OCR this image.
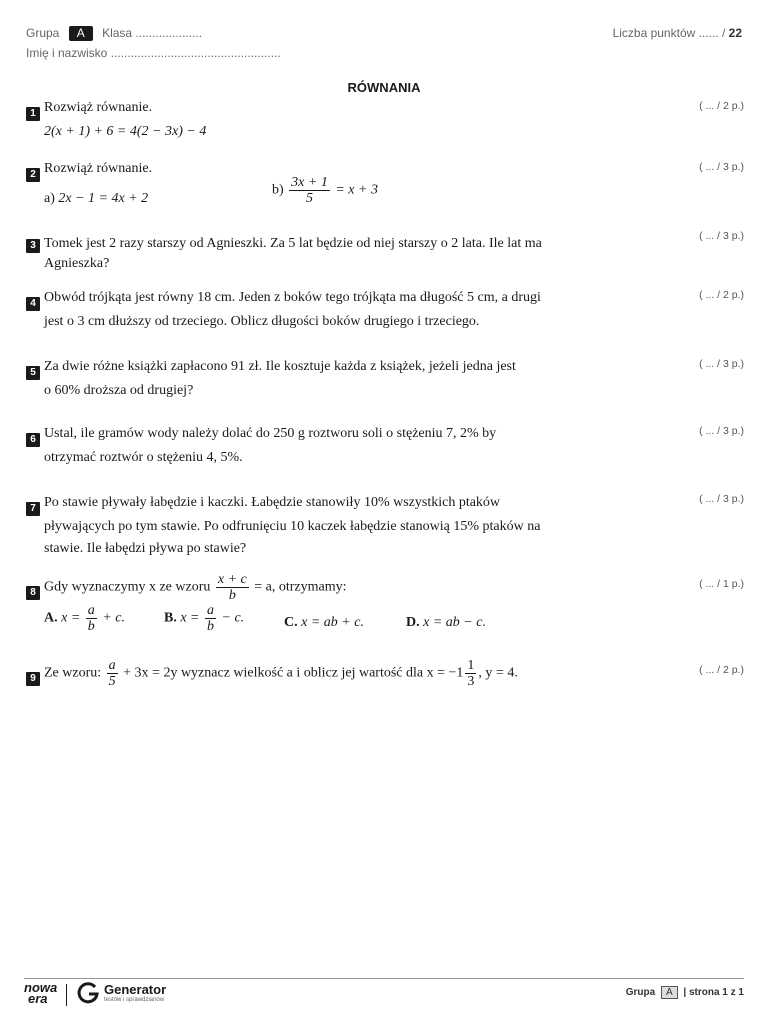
Grupa A Klasa ....................
Imię i nazwisko ...................................................
Liczba punktów ...... / 22
RÓWNANIA
1 Rozwiąż równanie.
2(x + 1) + 6 = 4(2 − 3x) − 4
( ... / 2 p.)
2 Rozwiąż równanie.
a) 2x − 1 = 4x + 2
$b) \frac{3x + 1}{5} = x + 3$
( ... / 3 p.)
3 Tomek jest 2 razy starszy od Agnieszki. Za 5 lat będzie od niej starszy o 2 lata. Ile lat ma Agnieszka?
( ... / 3 p.)
4 Obwód trójkąta jest równy 18 cm. Jeden z boków tego trójkąta ma długość 5 cm, a drugi
jest o 3 cm dłuższy od trzeciego. Oblicz długości boków drugiego i trzeciego.
( ... / 2 p.)
5 Za dwie różne książki zapłacono 91 zł. Ile kosztuje każda z książek, jeżeli jedna jest
o 60% droższa od drugiej?
( ... / 3 p.)
6 Ustal, ile gramów wody należy dolać do 250 g roztworu soli o stężeniu 7, 2% by
otrzymać roztwór o stężeniu 4, 5%.
( ... / 3 p.)
7 Po stawie pływały łabędzie i kaczki. Łabędzie stanowiły 10% wszystkich ptaków
pływających po tym stawie. Po odfrunięciu 10 kaczek łabędzie stanowią 15% ptaków na
stawie. Ile łabędzi pływa po stawie?
( ... / 3 p.)
8 Gdy wyznaczymy x ze wzoru $\frac{x + c}{b} = a$, otrzymamy:
A. $x = \frac{a}{b} + c$.	B. $x = \frac{a}{b} - c$.	C. x = ab + c.	D. x = ab − c.
( ... / 1 p.)
9 Ze wzoru: $\frac{a}{5} + 3x = 2y$ wyznacz wielkość a i oblicz jej wartość dla $x = -1 \frac{1}{3}$ , y = 4.	( ... / 2 p.)
nowa
era
Generator
testów i sprawdzianów
Grupa A | strona 1 z 1
